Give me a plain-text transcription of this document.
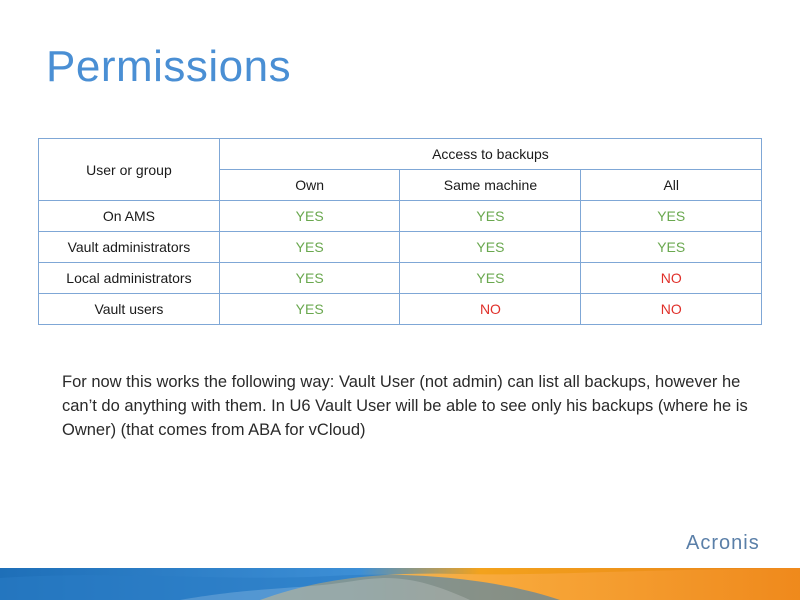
Permissions
User or group	Access to backups		
	Own	Same machine	All
On AMS	YES	YES	YES
Vault administrators	YES	YES	YES
Local administrators	YES	YES	NO
Vault users	YES	NO	NO
For now this works the following way: Vault User (not admin) can list all backups, however he can’t do anything with them. In U6 Vault User will be able to see only his backups (where he is Owner) (that comes from ABA for vCloud)
Acronis
